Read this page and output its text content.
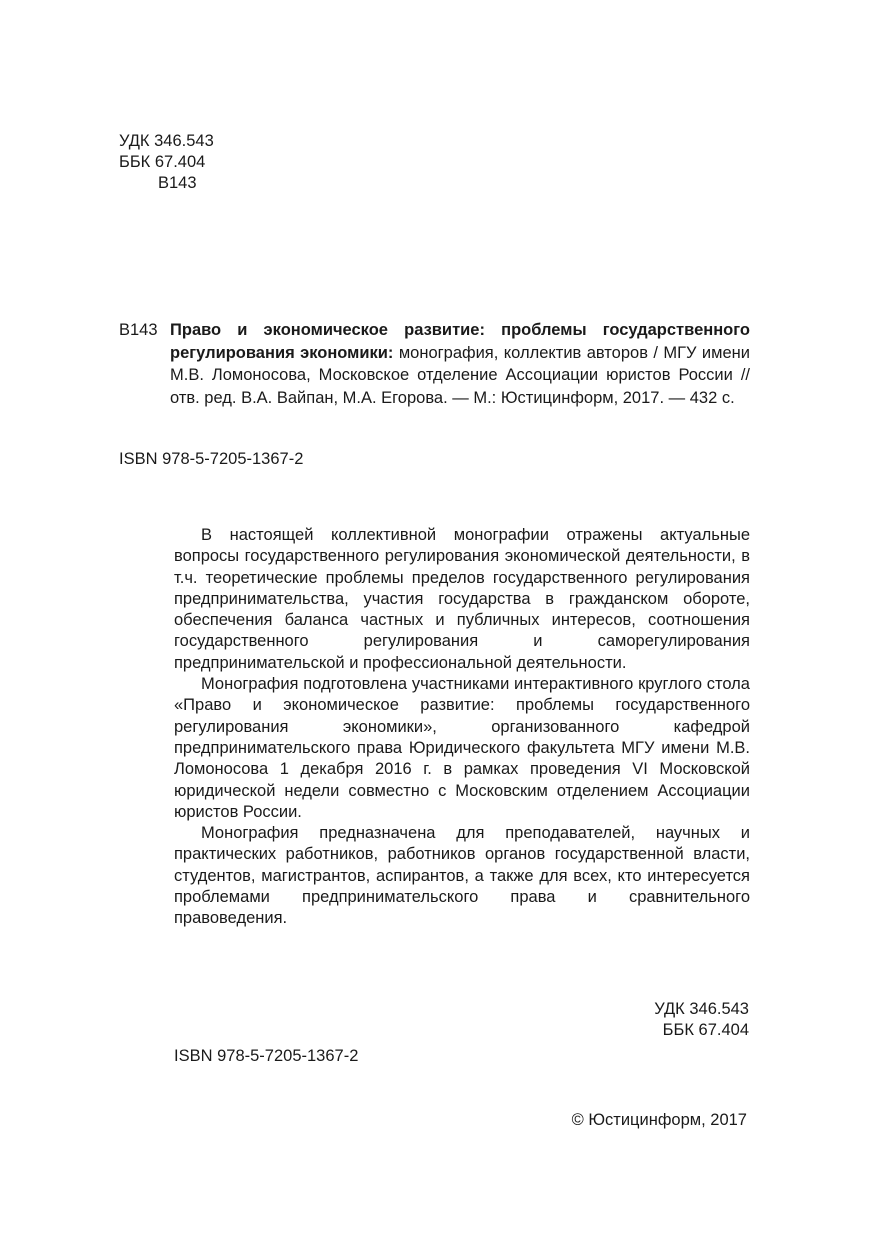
УДК 346.543
ББК 67.404
В143
В143 Право и экономическое развитие: проблемы государственного регулирования экономики: монография, коллектив авторов / МГУ имени М.В. Ломоносова, Московское отделение Ассоциации юристов России // отв. ред. В.А. Вайпан, М.А. Егорова. — М.: Юстицинформ, 2017. — 432 с.
ISBN 978-5-7205-1367-2

В настоящей коллективной монографии отражены актуальные вопросы государственного регулирования экономической деятельности, в т.ч. теоретические проблемы пределов государственного регулирования предпринимательства, участия государства в гражданском обороте, обеспечения баланса частных и публичных интересов, соотношения государственного регулирования и саморегулирования предпринимательской и профессиональной деятельности.

Монография подготовлена участниками интерактивного круглого стола «Право и экономическое развитие: проблемы государственного регулирования экономики», организованного кафедрой предпринимательского права Юридического факультета МГУ имени М.В. Ломоносова 1 декабря 2016 г. в рамках проведения VI Московской юридической недели совместно с Московским отделением Ассоциации юристов России.

Монография предназначена для преподавателей, научных и практических работников, работников органов государственной власти, студентов, магистрантов, аспирантов, а также для всех, кто интересуется проблемами предпринимательского права и сравнительного правоведения.

УДК 346.543
ББК 67.404
ISBN 978-5-7205-1367-2
© Юстицинформ, 2017
